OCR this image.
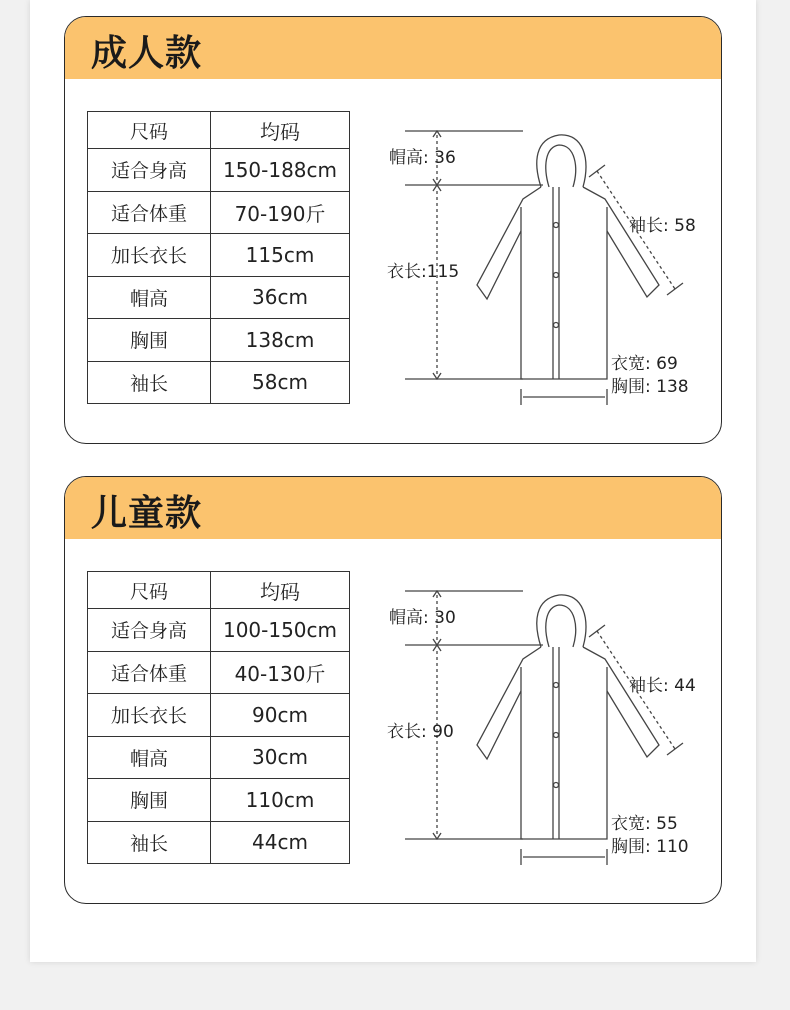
成人款
尺码	均码
适合身高	150-188cm
适合体重	70-190斤
加长衣长	115cm
帽高	36cm
胸围	138cm
袖长	58cm
帽高: 36
衣长:115
袖长: 58
衣宽: 69
胸围: 138
儿童款
尺码	均码
适合身高	100-150cm
适合体重	40-130斤
加长衣长	90cm
帽高	30cm
胸围	110cm
袖长	44cm
帽高: 30
衣长: 90
袖长: 44
衣宽: 55
胸围: 110
